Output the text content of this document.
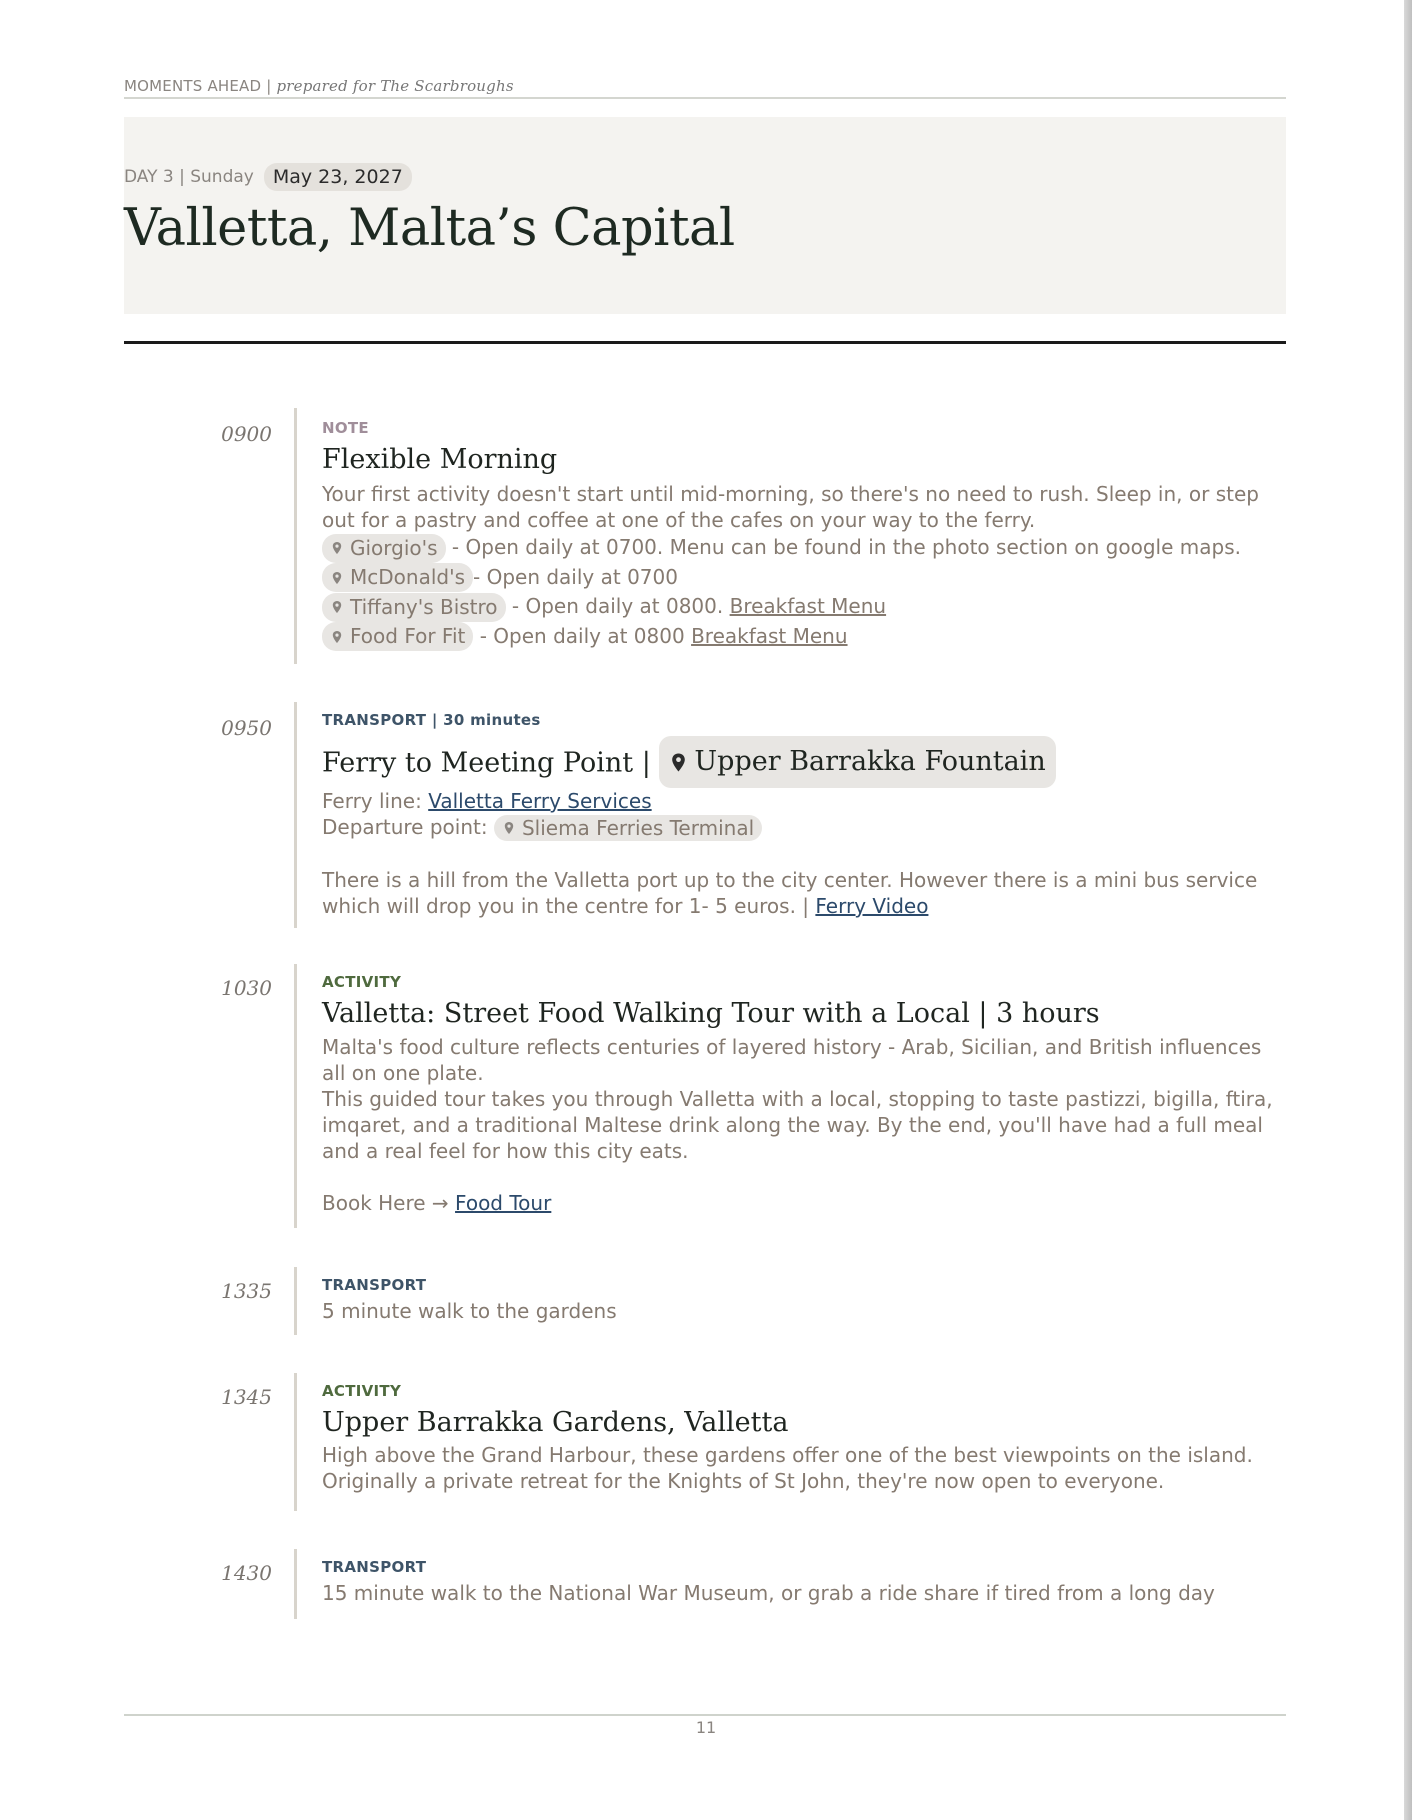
MOMENTS AHEAD | prepared for The Scarbroughs
DAY 3 | Sunday	May 23, 2027
Valletta, Malta’s Capital
0900	NOTE

Flexible Morning

Your first activity doesn't start until mid-morning, so there's no need to rush. Sleep in, or step out for a pastry and coffee at one of the cafes on your way to the ferry.

Giorgio's - Open daily at 0700. Menu can be found in the photo section on google maps.

McDonald's - Open daily at 0700

Tiffany's Bistro - Open daily at 0800. Breakfast Menu

Food For Fit - Open daily at 0800 Breakfast Menu

0950	TRANSPORT | 30 minutes

Ferry to Meeting Point | Upper Barrakka Fountain

Ferry line: Valletta Ferry Services

Departure point: Sliema Ferries Terminal

There is a hill from the Valletta port up to the city center. However there is a mini bus service which will drop you in the centre for 1- 5 euros. | Ferry Video

1030	ACTIVITY

Valletta: Street Food Walking Tour with a Local | 3 hours

Malta's food culture reflects centuries of layered history - Arab, Sicilian, and British influences all on one plate.

This guided tour takes you through Valletta with a local, stopping to taste pastizzi, bigilla, ftira, imqaret, and a traditional Maltese drink along the way. By the end, you'll have had a full meal and a real feel for how this city eats.

Book Here → Food Tour

1335	TRANSPORT

5 minute walk to the gardens

1345	ACTIVITY

Upper Barrakka Gardens, Valletta

High above the Grand Harbour, these gardens offer one of the best viewpoints on the island. Originally a private retreat for the Knights of St John, they're now open to everyone.

1430	TRANSPORT

15 minute walk to the National War Museum, or grab a ride share if tired from a long day

11
